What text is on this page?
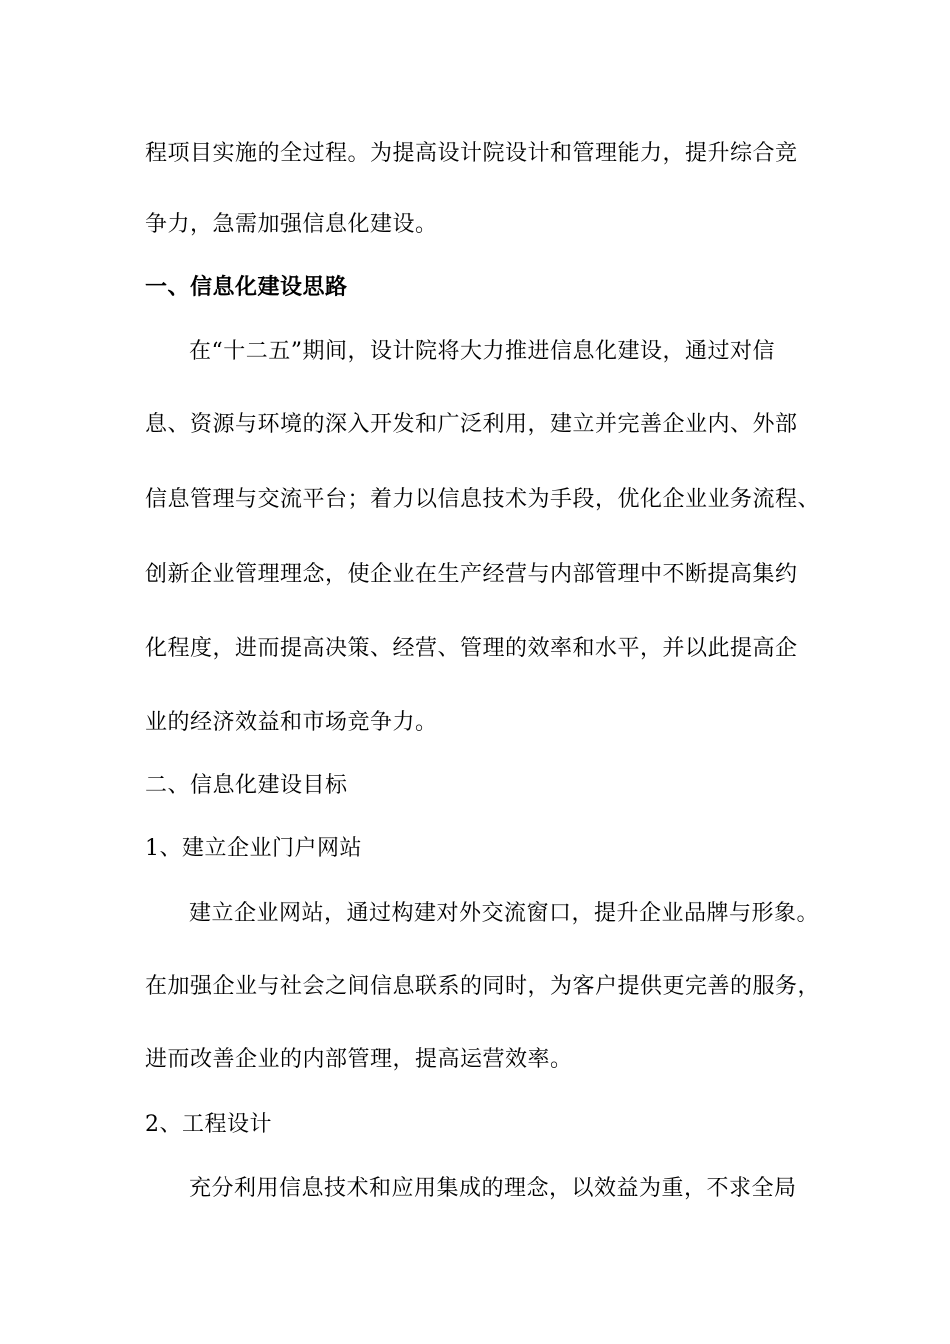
程项目实施的全过程。为提高设计院设计和管理能力，提升综合竞
争力，急需加强信息化建设。
一、信息化建设思路
在“十二五”期间，设计院将大力推进信息化建设，通过对信
息、资源与环境的深入开发和广泛利用，建立并完善企业内、外部
信息管理与交流平台；着力以信息技术为手段，优化企业业务流程、
创新企业管理理念，使企业在生产经营与内部管理中不断提高集约
化程度，进而提高决策、经营、管理的效率和水平，并以此提高企
业的经济效益和市场竞争力。
二、信息化建设目标
1、建立企业门户网站
建立企业网站，通过构建对外交流窗口，提升企业品牌与形象。
在加强企业与社会之间信息联系的同时，为客户提供更完善的服务，
进而改善企业的内部管理，提高运营效率。
2、工程设计
充分利用信息技术和应用集成的理念，以效益为重，不求全局
